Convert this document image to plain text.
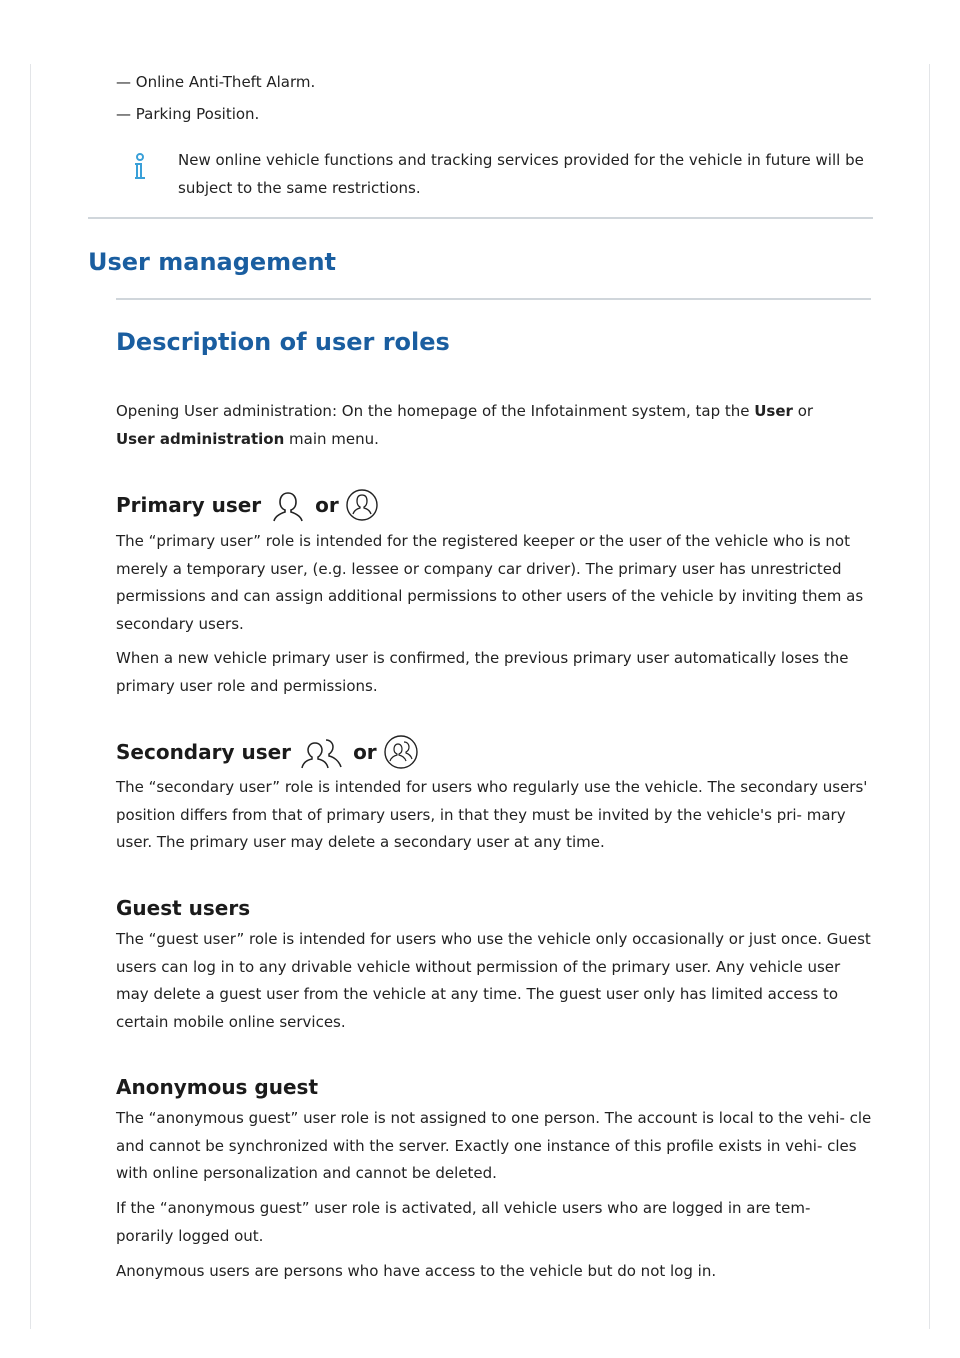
— Online Anti-Theft Alarm.
— Parking Position.

New online vehicle functions and tracking services provided for the vehicle in future will be subject to the same restrictions.

User management
Description of user roles

Opening User administration: On the homepage of the Infotainment system, tap the User or
User administration main menu.

Primary user	or

The “primary user” role is intended for the registered keeper or the user of the vehicle who is not merely a temporary user, (e.g. lessee or company car driver). The primary user has unrestricted permissions and can assign additional permissions to other users of the vehicle by inviting them as secondary users.

When a new vehicle primary user is confirmed, the previous primary user automatically loses the primary user role and permissions.

Secondary user	or

The “secondary user” role is intended for users who regularly use the vehicle. The secondary users' position differs from that of primary users, in that they must be invited by the vehicle's pri- mary user. The primary user may delete a secondary user at any time.

Guest users

The “guest user” role is intended for users who use the vehicle only occasionally or just once. Guest users can log in to any drivable vehicle without permission of the primary user. Any vehicle user may delete a guest user from the vehicle at any time. The guest user only has limited access to certain mobile online services.

Anonymous guest

The “anonymous guest” user role is not assigned to one person. The account is local to the vehi- cle and cannot be synchronized with the server. Exactly one instance of this profile exists in vehi- cles with online personalization and cannot be deleted.

If the “anonymous guest” user role is activated, all vehicle users who are logged in are tem- porarily logged out.

Anonymous users are persons who have access to the vehicle but do not log in.
